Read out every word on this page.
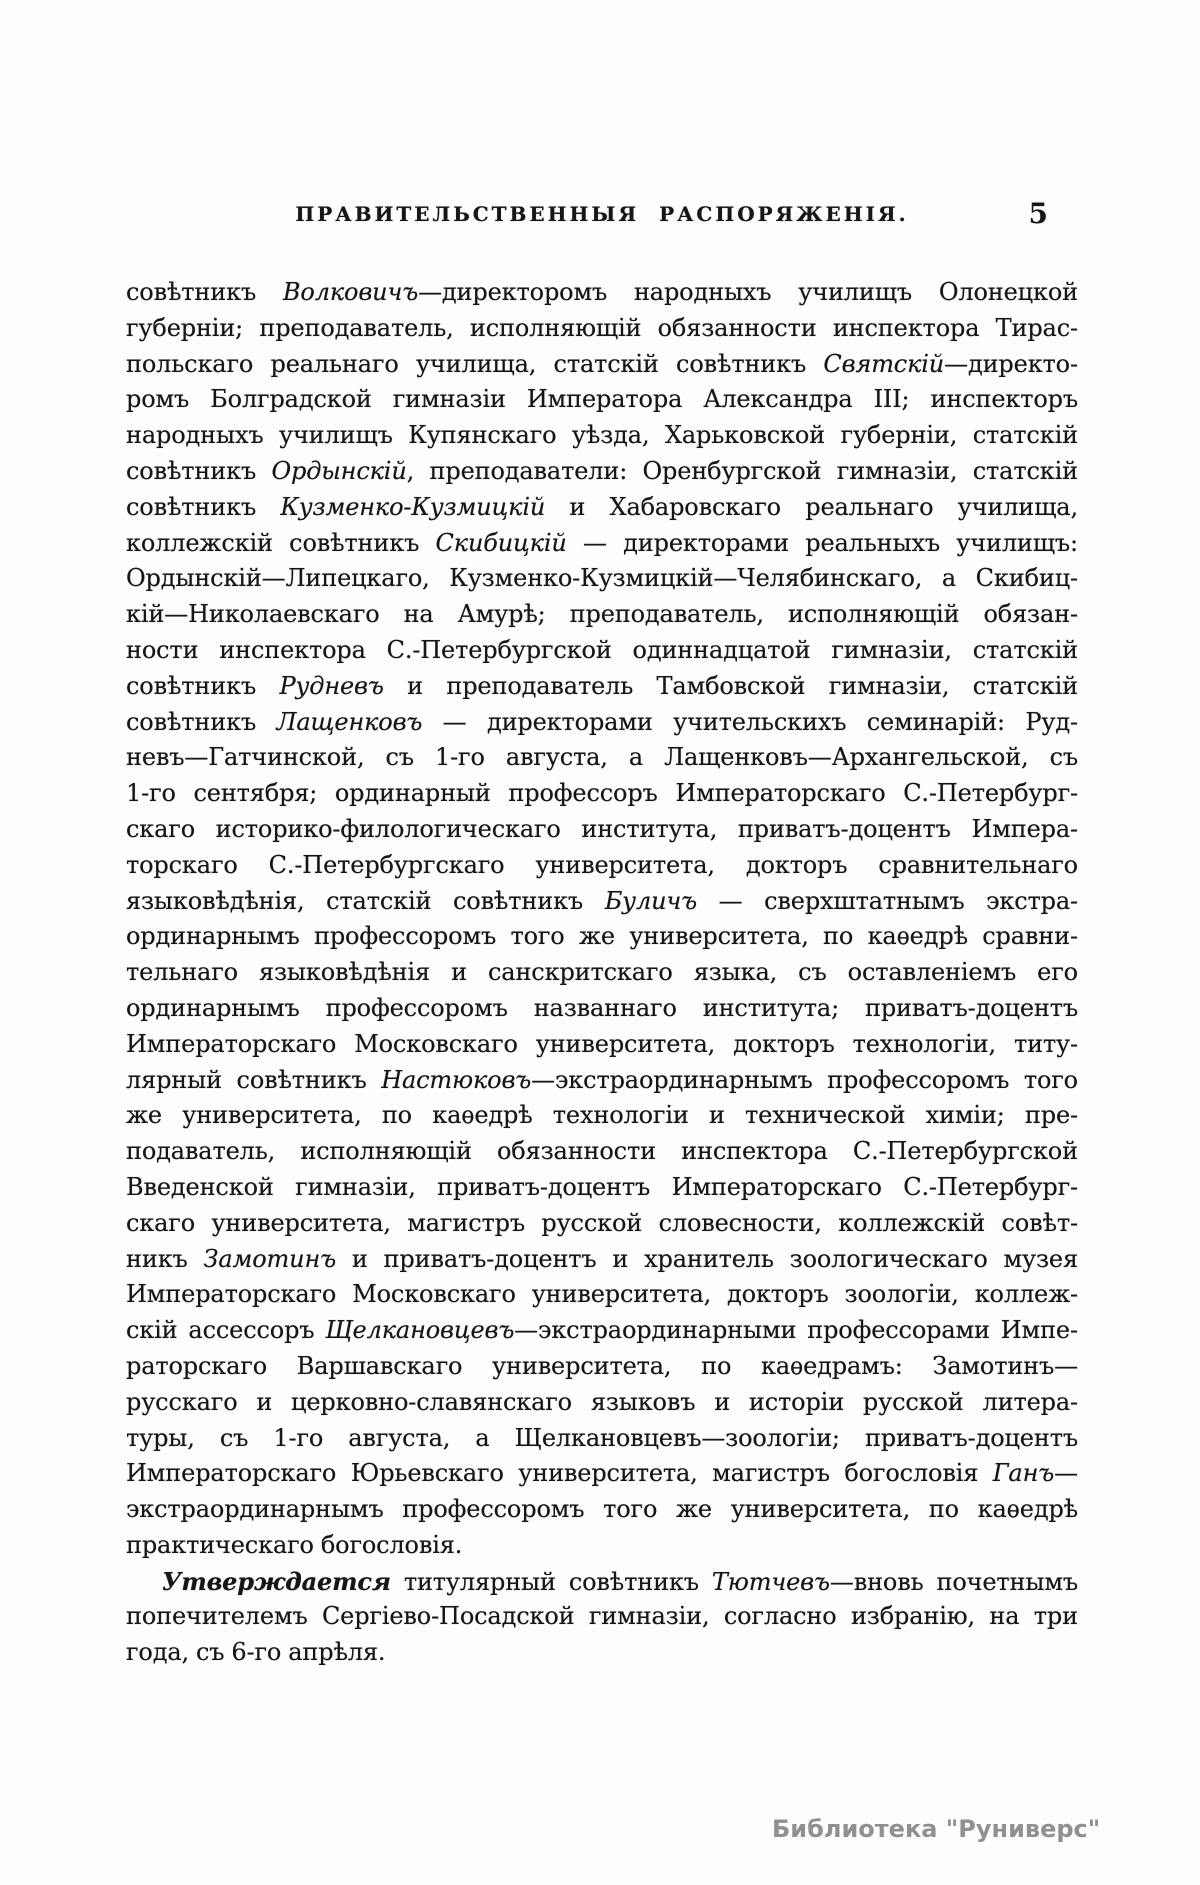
ПРАВИТЕЛЬСТВЕННЫЯ РАСПОРЯЖЕНІЯ.	5
совѣтникъ Волковичъ—директоромъ народныхъ училищъ Олонецкой
губерніи; преподаватель, исполняющій обязанности инспектора Тирас-
польскаго реальнаго училища, статскій совѣтникъ Святскій—директо-
ромъ Болградской гимназіи Императора Александра III; инспекторъ
народныхъ училищъ Купянскаго уѣзда, Харьковской губерніи, статскій
совѣтникъ Ордынскій, преподаватели: Оренбургской гимназіи, статскій
совѣтникъ Кузменко-Кузмицкій и Хабаровскаго реальнаго училища,
коллежскій совѣтникъ Скибицкій — директорами реальныхъ училищъ:
Ордынскій—Липецкаго, Кузменко-Кузмицкій—Челябинскаго, а Скибиц-
кій—Николаевскаго на Амурѣ; преподаватель, исполняющій обязан-
ности инспектора С.-Петербургской одиннадцатой гимназіи, статскій
совѣтникъ Рудневъ и преподаватель Тамбовской гимназіи, статскій
совѣтникъ Лащенковъ — директорами учительскихъ семинарій: Руд-
невъ—Гатчинской, съ 1-го августа, а Лащенковъ—Архангельской, съ
1-го сентября; ординарный профессоръ Императорскаго С.-Петербург-
скаго историко-филологическаго института, приватъ-доцентъ Импера-
торскаго С.-Петербургскаго университета, докторъ сравнительнаго
языковѣдѣнія, статскій совѣтникъ Буличъ — сверхштатнымъ экстра-
ординарнымъ профессоромъ того же университета, по каѳедрѣ сравни-
тельнаго языковѣдѣнія и санскритскаго языка, съ оставленіемъ его
ординарнымъ профессоромъ названнаго института; приватъ-доцентъ
Императорскаго Московскаго университета, докторъ технологіи, титу-
лярный совѣтникъ Настюковъ—экстраординарнымъ профессоромъ того
же университета, по каѳедрѣ технологіи и технической химіи; пре-
подаватель, исполняющій обязанности инспектора С.-Петербургской
Введенской гимназіи, приватъ-доцентъ Императорскаго С.-Петербург-
скаго университета, магистръ русской словесности, коллежскій совѣт-
никъ Замотинъ и приватъ-доцентъ и хранитель зоологическаго музея
Императорскаго Московскаго университета, докторъ зоологіи, коллеж-
скій ассессоръ Щелкановцевъ—экстраординарными профессорами Импе-
раторскаго Варшавскаго университета, по каѳедрамъ: Замотинъ—
русскаго и церковно-славянскаго языковъ и исторіи русской литера-
туры, съ 1-го августа, а Щелкановцевъ—зоологіи; приватъ-доцентъ
Императорскаго Юрьевскаго университета, магистръ богословія Ганъ—
экстраординарнымъ профессоромъ того же университета, по каѳедрѣ
практическаго богословія.
Утверждается титулярный совѣтникъ Тютчевъ—вновь почетнымъ
попечителемъ Сергіево-Посадской гимназіи, согласно избранію, на три
года, съ 6-го апрѣля.
Библиотека "Руниверс"
